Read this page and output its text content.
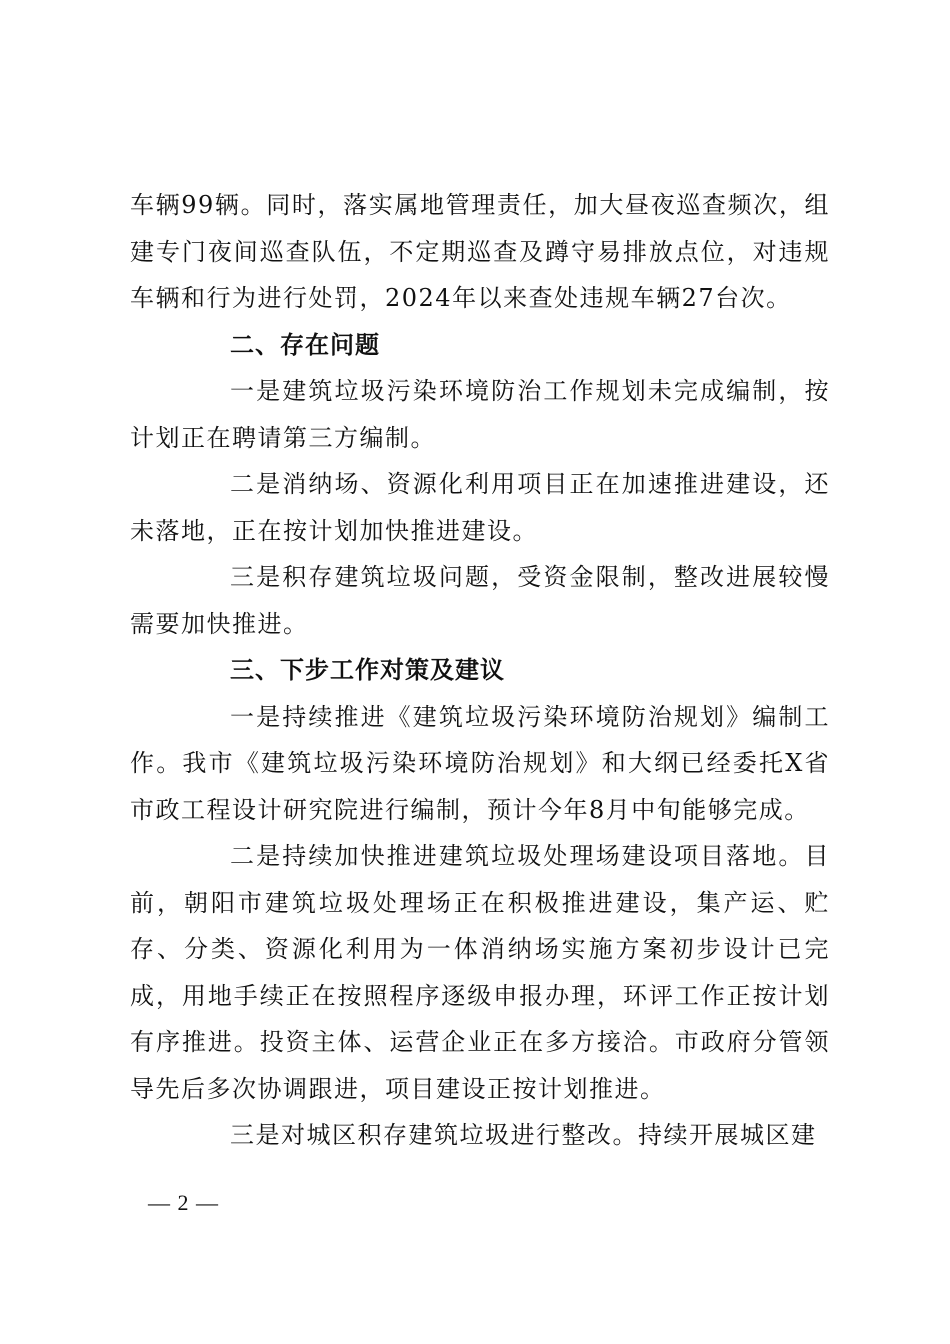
车辆99辆。同时，落实属地管理责任，加大昼夜巡查频次，组建专门夜间巡查队伍，不定期巡查及蹲守易排放点位，对违规车辆和行为进行处罚，2024年以来查处违规车辆27台次。

二、存在问题

一是建筑垃圾污染环境防治工作规划未完成编制，按计划正在聘请第三方编制。

二是消纳场、资源化利用项目正在加速推进建设，还未落地，正在按计划加快推进建设。

三是积存建筑垃圾问题，受资金限制，整改进展较慢需要加快推进。

三、下步工作对策及建议

一是持续推进《建筑垃圾污染环境防治规划》编制工作。我市《建筑垃圾污染环境防治规划》和大纲已经委托X省市政工程设计研究院进行编制，预计今年8月中旬能够完成。

二是持续加快推进建筑垃圾处理场建设项目落地。目前，朝阳市建筑垃圾处理场正在积极推进建设，集产运、贮存、分类、资源化利用为一体消纳场实施方案初步设计已完成，用地手续正在按照程序逐级申报办理，环评工作正按计划有序推进。投资主体、运营企业正在多方接洽。市政府分管领导先后多次协调跟进，项目建设正按计划推进。

三是对城区积存建筑垃圾进行整改。持续开展城区建

— 2 —
